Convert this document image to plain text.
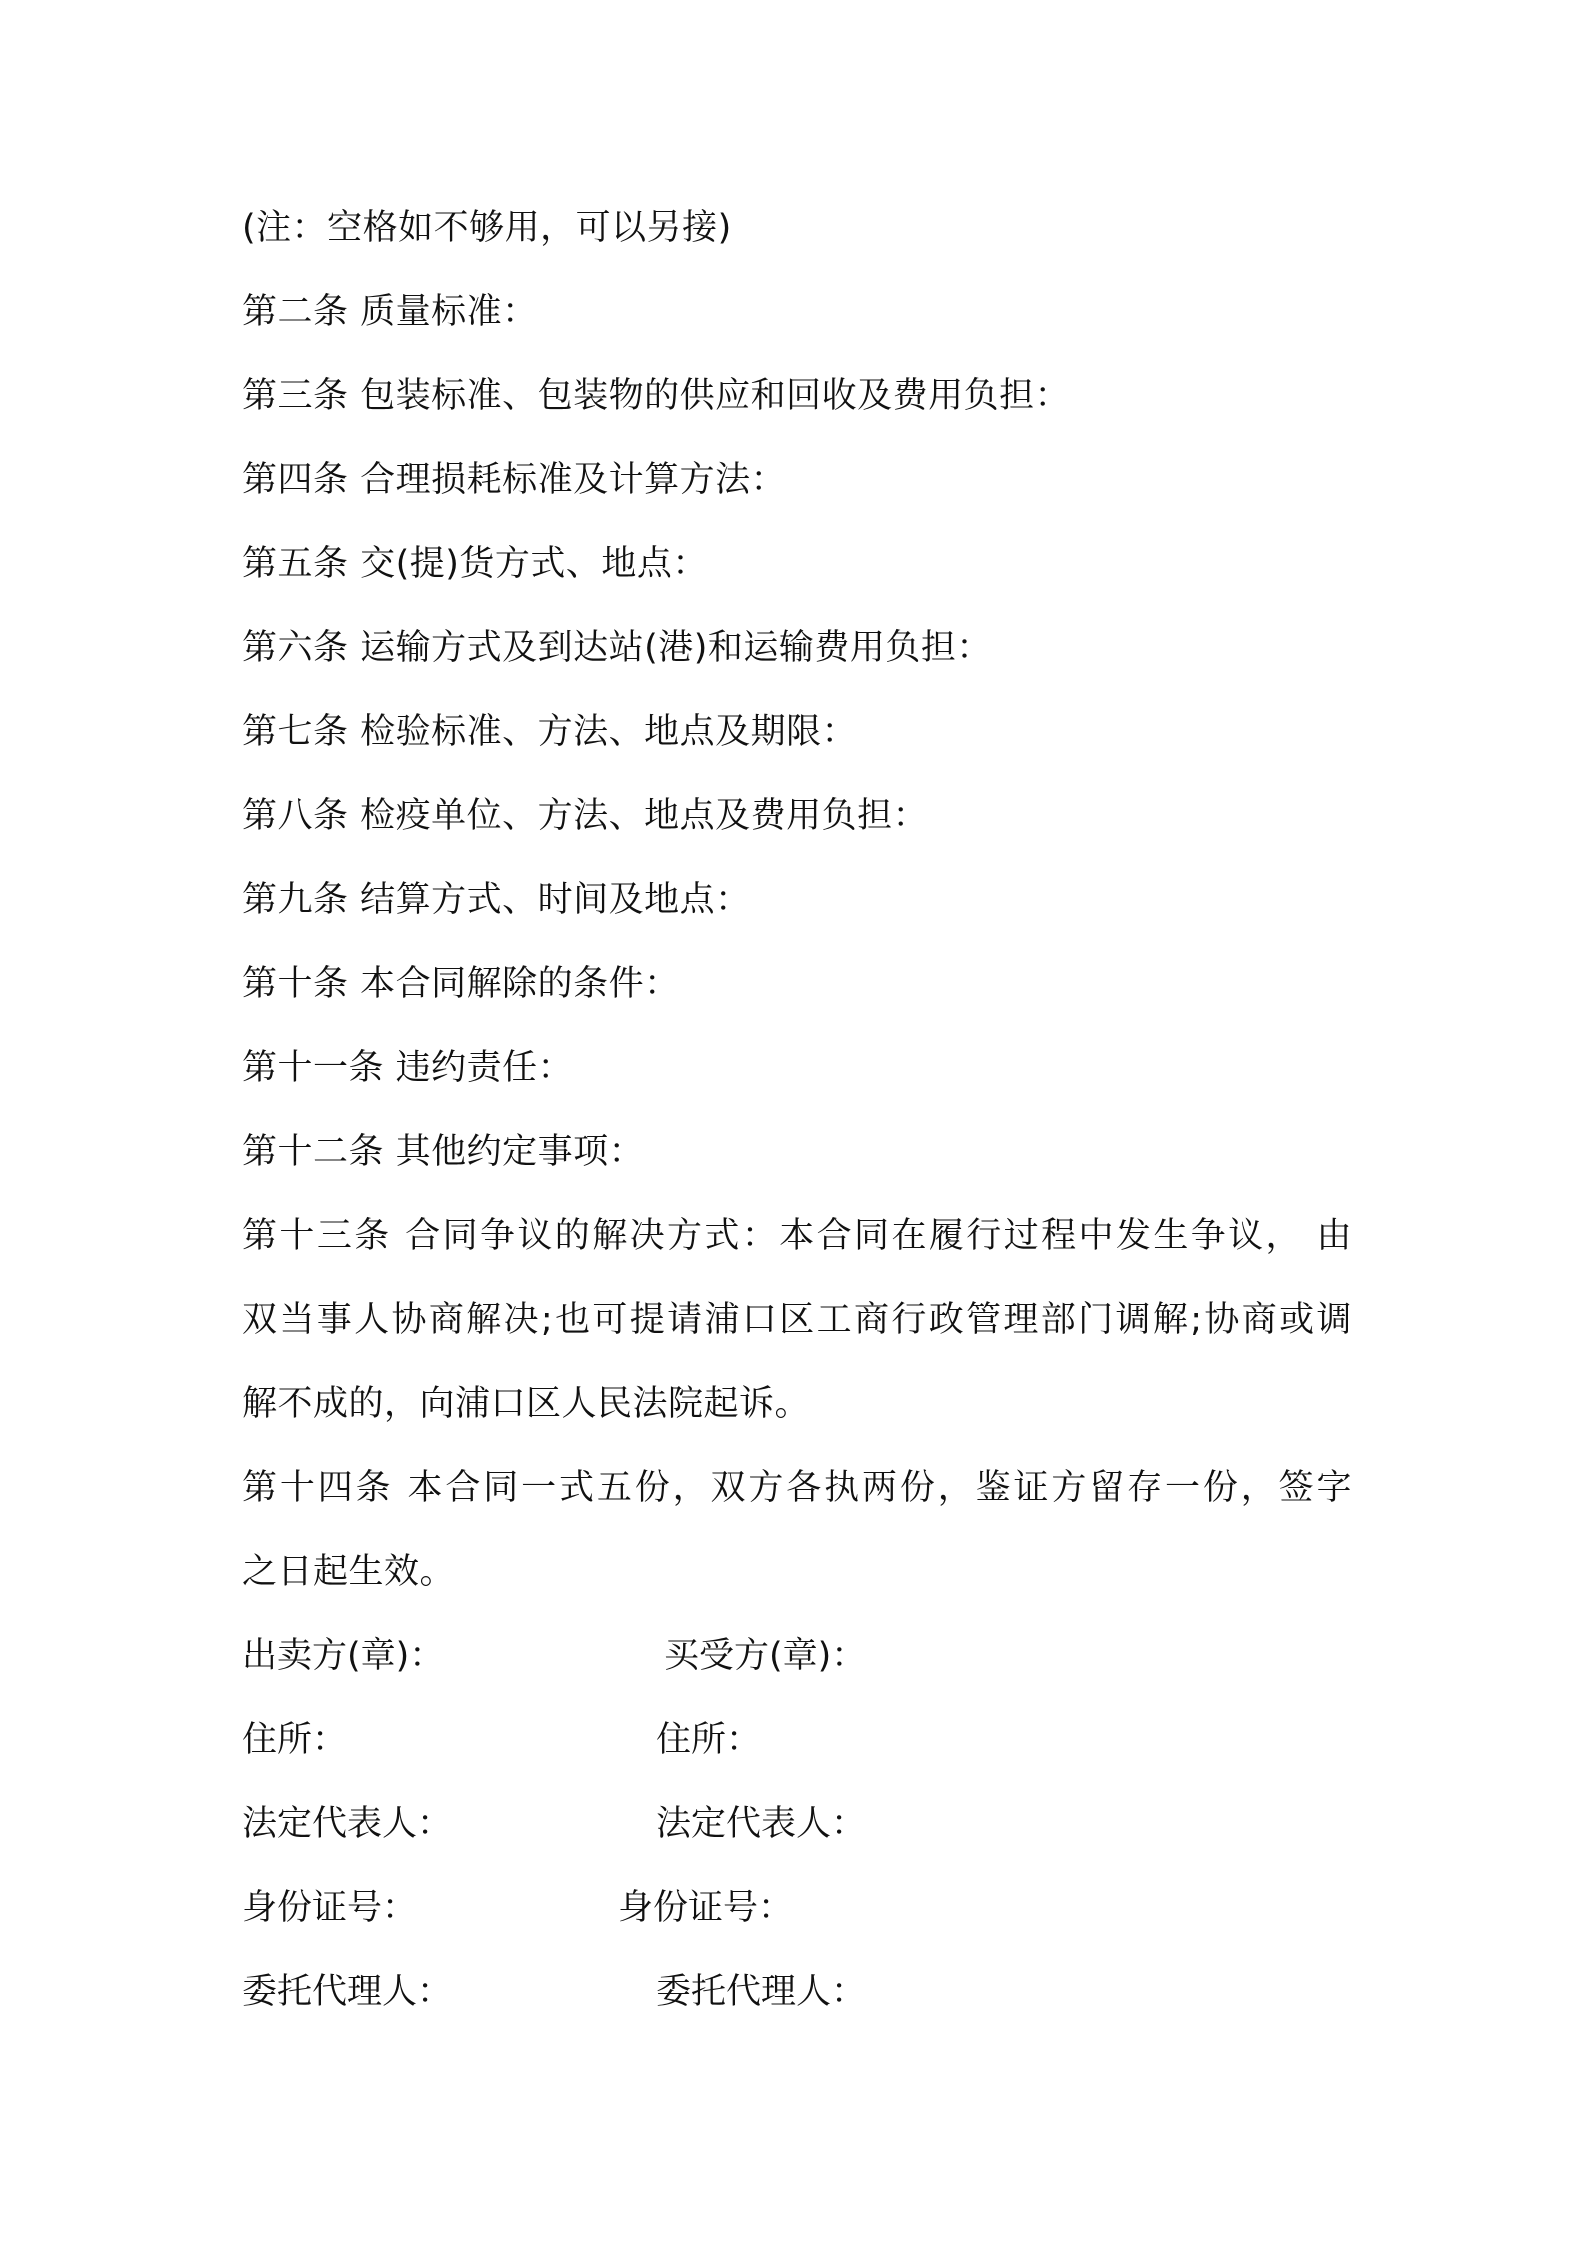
(注：空格如不够用，可以另接)
第二条 质量标准：
第三条 包装标准、包装物的供应和回收及费用负担：
第四条 合理损耗标准及计算方法：
第五条 交(提)货方式、地点：
第六条 运输方式及到达站(港)和运输费用负担：
第七条 检验标准、方法、地点及期限：
第八条 检疫单位、方法、地点及费用负担：
第九条 结算方式、时间及地点：
第十条 本合同解除的条件：
第十一条 违约责任：
第十二条 其他约定事项：
第十三条 合同争议的解决方式：本合同在履行过程中发生争议， 由
双当事人协商解决;也可提请浦口区工商行政管理部门调解;协商或调
解不成的，向浦口区人民法院起诉。
第十四条 本合同一式五份，双方各执两份，鉴证方留存一份，签字
之日起生效。
出卖方(章)：	买受方(章)：
住所：	住所：
法定代表人：	法定代表人：
身份证号：	身份证号：
委托代理人：	委托代理人：
